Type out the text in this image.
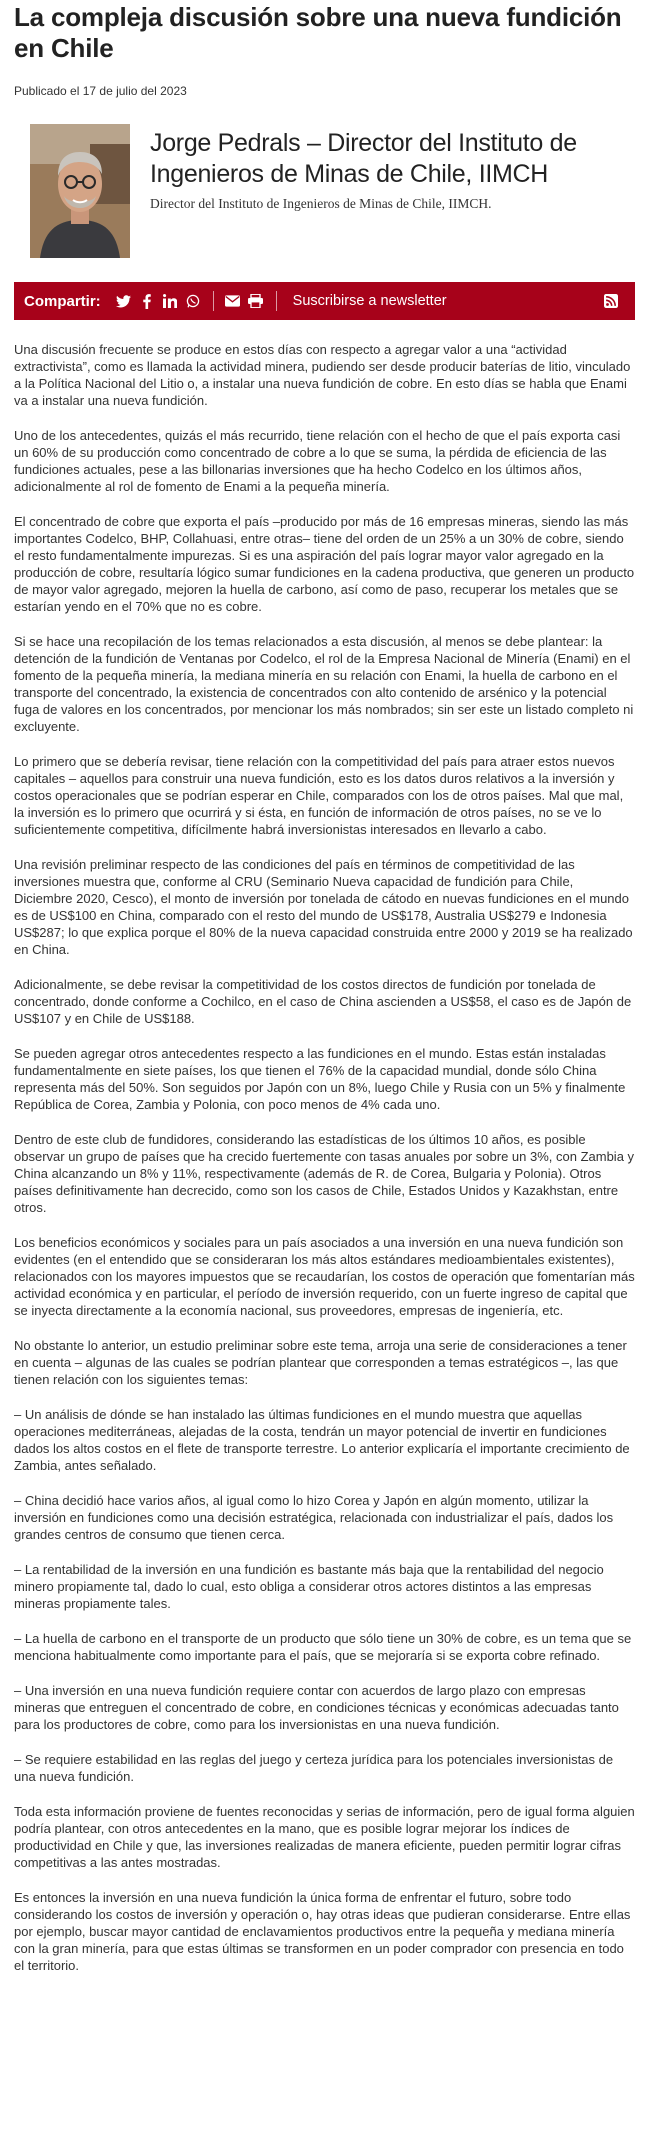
La compleja discusión sobre una nueva fundición en Chile
Publicado el 17 de julio del 2023
Jorge Pedrals – Director del Instituto de Ingenieros de Minas de Chile, IIMCH
Director del Instituto de Ingenieros de Minas de Chile, IIMCH.
Compartir:	Suscribirse a newsletter

Una discusión frecuente se produce en estos días con respecto a agregar valor a una “actividad extractivista”, como es llamada la actividad minera, pudiendo ser desde producir baterías de litio, vinculado a la Política Nacional del Litio o, a instalar una nueva fundición de cobre. En esto días se habla que Enami va a instalar una nueva fundición.

Uno de los antecedentes, quizás el más recurrido, tiene relación con el hecho de que el país exporta casi un 60% de su producción como concentrado de cobre a lo que se suma, la pérdida de eficiencia de las fundiciones actuales, pese a las billonarias inversiones que ha hecho Codelco en los últimos años, adicionalmente al rol de fomento de Enami a la pequeña minería.

El concentrado de cobre que exporta el país –producido por más de 16 empresas mineras, siendo las más importantes Codelco, BHP, Collahuasi, entre otras– tiene del orden de un 25% a un 30% de cobre, siendo el resto fundamentalmente impurezas. Si es una aspiración del país lograr mayor valor agregado en la producción de cobre, resultaría lógico sumar fundiciones en la cadena productiva, que generen un producto de mayor valor agregado, mejoren la huella de carbono, así como de paso, recuperar los metales que se estarían yendo en el 70% que no es cobre.

Si se hace una recopilación de los temas relacionados a esta discusión, al menos se debe plantear: la detención de la fundición de Ventanas por Codelco, el rol de la Empresa Nacional de Minería (Enami) en el fomento de la pequeña minería, la mediana minería en su relación con Enami, la huella de carbono en el transporte del concentrado, la existencia de concentrados con alto contenido de arsénico y la potencial fuga de valores en los concentrados, por mencionar los más nombrados; sin ser este un listado completo ni excluyente.

Lo primero que se debería revisar, tiene relación con la competitividad del país para atraer estos nuevos capitales – aquellos para construir una nueva fundición, esto es los datos duros relativos a la inversión y costos operacionales que se podrían esperar en Chile, comparados con los de otros países. Mal que mal, la inversión es lo primero que ocurrirá y si ésta, en función de información de otros países, no se ve lo suficientemente competitiva, difícilmente habrá inversionistas interesados en llevarlo a cabo.

Una revisión preliminar respecto de las condiciones del país en términos de competitividad de las inversiones muestra que, conforme al CRU (Seminario Nueva capacidad de fundición para Chile, Diciembre 2020, Cesco), el monto de inversión por tonelada de cátodo en nuevas fundiciones en el mundo es de US$100 en China, comparado con el resto del mundo de US$178, Australia US$279 e Indonesia US$287; lo que explica porque el 80% de la nueva capacidad construida entre 2000 y 2019 se ha realizado en China.

Adicionalmente, se debe revisar la competitividad de los costos directos de fundición por tonelada de concentrado, donde conforme a Cochilco, en el caso de China ascienden a US$58, el caso es de Japón de US$107 y en Chile de US$188.

Se pueden agregar otros antecedentes respecto a las fundiciones en el mundo. Estas están instaladas fundamentalmente en siete países, los que tienen el 76% de la capacidad mundial, donde sólo China representa más del 50%. Son seguidos por Japón con un 8%, luego Chile y Rusia con un 5% y finalmente República de Corea, Zambia y Polonia, con poco menos de 4% cada uno.

Dentro de este club de fundidores, considerando las estadísticas de los últimos 10 años, es posible observar un grupo de países que ha crecido fuertemente con tasas anuales por sobre un 3%, con Zambia y China alcanzando un 8% y 11%, respectivamente (además de R. de Corea, Bulgaria y Polonia). Otros países definitivamente han decrecido, como son los casos de Chile, Estados Unidos y Kazakhstan, entre otros.

Los beneficios económicos y sociales para un país asociados a una inversión en una nueva fundición son evidentes (en el entendido que se consideraran los más altos estándares medioambientales existentes), relacionados con los mayores impuestos que se recaudarían, los costos de operación que fomentarían más actividad económica y en particular, el período de inversión requerido, con un fuerte ingreso de capital que se inyecta directamente a la economía nacional, sus proveedores, empresas de ingeniería, etc.

No obstante lo anterior, un estudio preliminar sobre este tema, arroja una serie de consideraciones a tener en cuenta – algunas de las cuales se podrían plantear que corresponden a temas estratégicos –, las que tienen relación con los siguientes temas:

– Un análisis de dónde se han instalado las últimas fundiciones en el mundo muestra que aquellas operaciones mediterráneas, alejadas de la costa, tendrán un mayor potencial de invertir en fundiciones dados los altos costos en el flete de transporte terrestre. Lo anterior explicaría el importante crecimiento de Zambia, antes señalado.

– China decidió hace varios años, al igual como lo hizo Corea y Japón en algún momento, utilizar la inversión en fundiciones como una decisión estratégica, relacionada con industrializar el país, dados los grandes centros de consumo que tienen cerca.

– La rentabilidad de la inversión en una fundición es bastante más baja que la rentabilidad del negocio minero propiamente tal, dado lo cual, esto obliga a considerar otros actores distintos a las empresas mineras propiamente tales.

– La huella de carbono en el transporte de un producto que sólo tiene un 30% de cobre, es un tema que se menciona habitualmente como importante para el país, que se mejoraría si se exporta cobre refinado.

– Una inversión en una nueva fundición requiere contar con acuerdos de largo plazo con empresas mineras que entreguen el concentrado de cobre, en condiciones técnicas y económicas adecuadas tanto para los productores de cobre, como para los inversionistas en una nueva fundición.

– Se requiere estabilidad en las reglas del juego y certeza jurídica para los potenciales inversionistas de una nueva fundición.

Toda esta información proviene de fuentes reconocidas y serias de información, pero de igual forma alguien podría plantear, con otros antecedentes en la mano, que es posible lograr mejorar los índices de productividad en Chile y que, las inversiones realizadas de manera eficiente, pueden permitir lograr cifras competitivas a las antes mostradas.

Es entonces la inversión en una nueva fundición la única forma de enfrentar el futuro, sobre todo considerando los costos de inversión y operación o, hay otras ideas que pudieran considerarse. Entre ellas por ejemplo, buscar mayor cantidad de enclavamientos productivos entre la pequeña y mediana minería con la gran minería, para que estas últimas se transformen en un poder comprador con presencia en todo el territorio.
